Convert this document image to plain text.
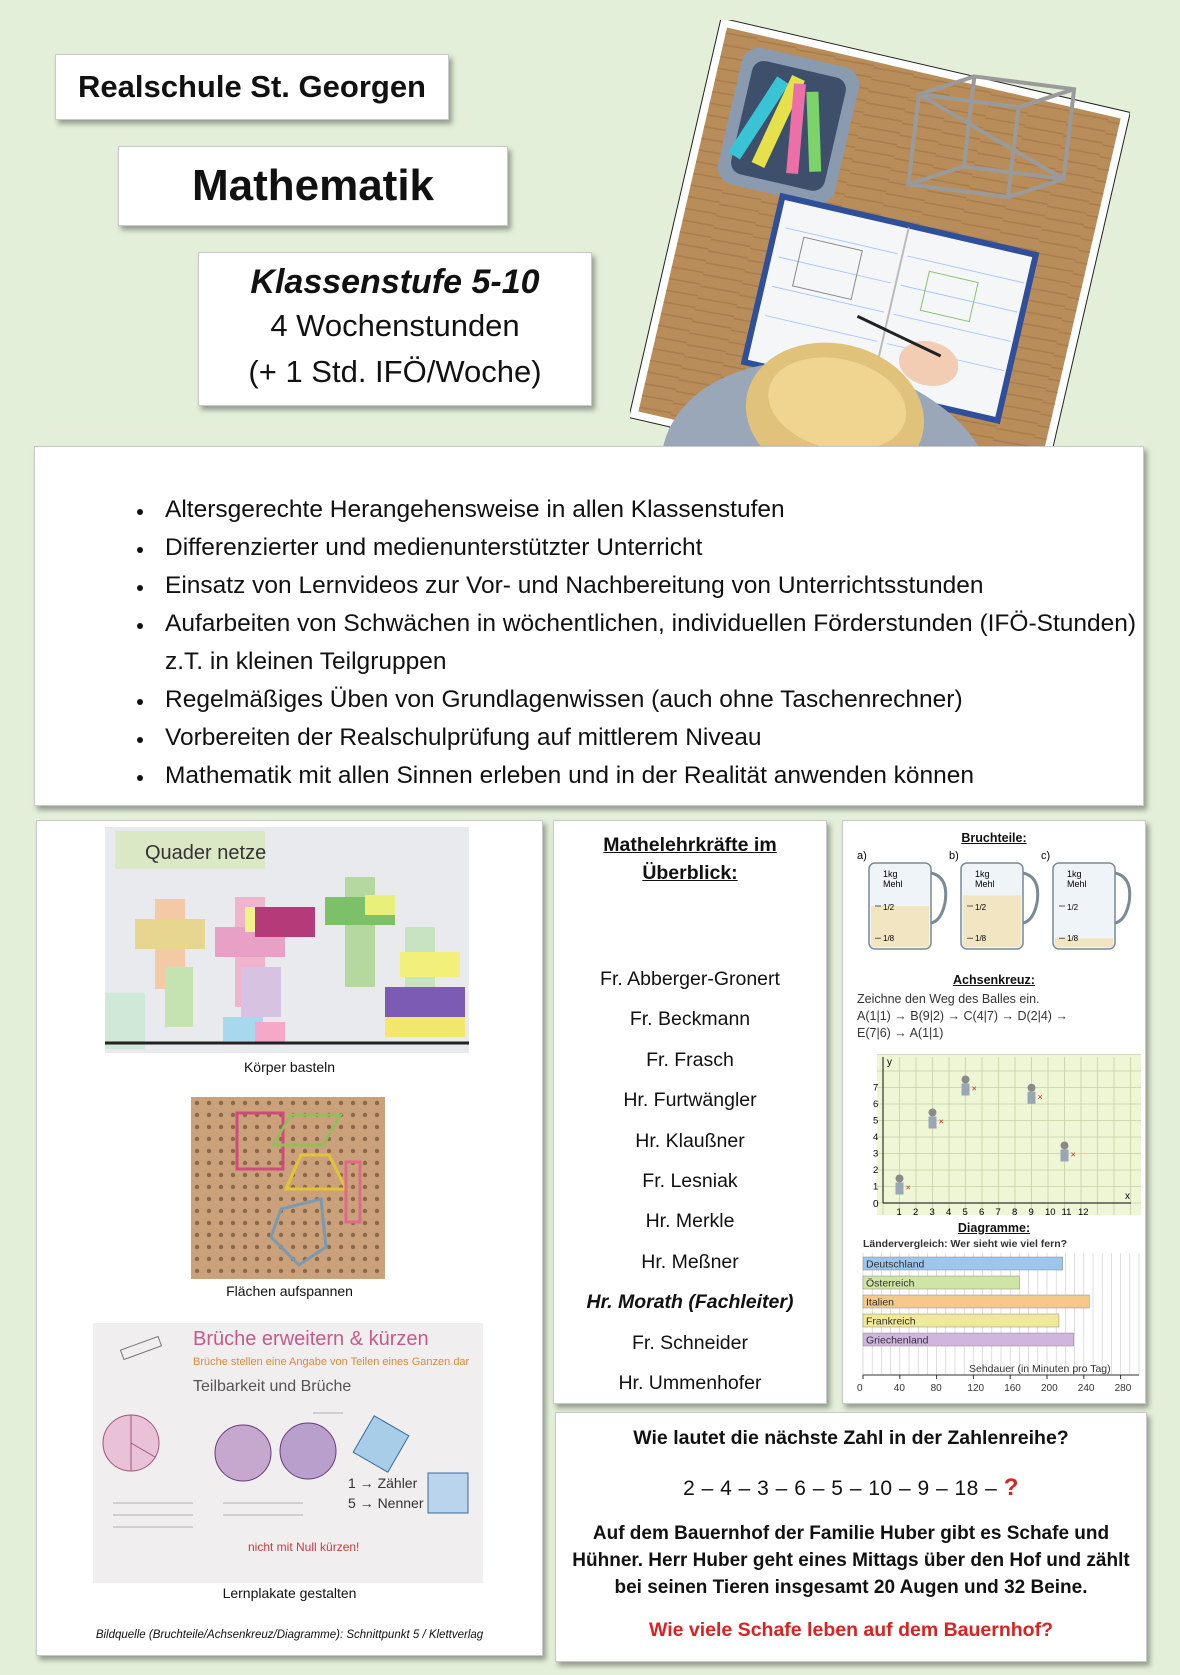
Realschule St. Georgen
Mathematik
Klassenstufe 5-10
4 Wochenstunden
(+ 1 Std. IFÖ/Woche)
• Altersgerechte Herangehensweise in allen Klassenstufen
• Differenzierter und medienunterstützter Unterricht
• Einsatz von Lernvideos zur Vor- und Nachbereitung von Unterrichtsstunden
• Aufarbeiten von Schwächen in wöchentlichen, individuellen Förderstunden (IFÖ-Stunden) z.T. in kleinen Teilgruppen
• Regelmäßiges Üben von Grundlagenwissen (auch ohne Taschenrechner)
• Vorbereiten der Realschulprüfung auf mittlerem Niveau
• Mathematik mit allen Sinnen erleben und in der Realität anwenden können
Quader netze
Körper basteln
Flächen aufspannen
Brüche erweitern & kürzen
Brüche stellen eine Angabe von Teilen eines Ganzen dar
Teilbarkeit und Brüche
1 → Zähler
5 → Nenner
nicht mit Null kürzen!
Lernplakate gestalten
Bildquelle (Bruchteile/Achsenkreuz/Diagramme): Schnittpunkt 5 / Klettverlag
Mathelehrkräfte im
Überblick:
Fr. Abberger-Gronert
Fr. Beckmann
Fr. Frasch
Hr. Furtwängler
Hr. Klaußner
Fr. Lesniak
Hr. Merkle
Hr. Meßner
Hr. Morath (Fachleiter)
Fr. Schneider
Hr. Ummenhofer
Bruchteile:
a)
1kg
Mehl
1/2
1/8
b)
1kg
Mehl
1/2
1/8
c)
1kg
Mehl
1/2
1/8
Achsenkreuz:
Zeichne den Weg des Balles ein.
A(1|1) → B(9|2) → C(4|7) → D(2|4) →
E(7|6) → A(1|1)
x
y
0
1 2 3 4 5 6 7 8 9 10 11 12
1
2
3
4
5
6
7
×
×
×
×
×
Diagramme:
Ländervergleich: Wer sieht wie viel fern?
Deutschland
Österreich
Italien
Frankreich
Griechenland
Sehdauer (in Minuten pro Tag)
0	40	80	120 160 200 240 280
Wie lautet die nächste Zahl in der Zahlenreihe?
2 – 4 – 3 – 6 – 5 – 10 – 9 – 18 – ?
Auf dem Bauernhof der Familie Huber gibt es Schafe und Hühner. Herr Huber geht eines Mittags über den Hof und zählt bei seinen Tieren insgesamt 20 Augen und 32 Beine.
Wie viele Schafe leben auf dem Bauernhof?
